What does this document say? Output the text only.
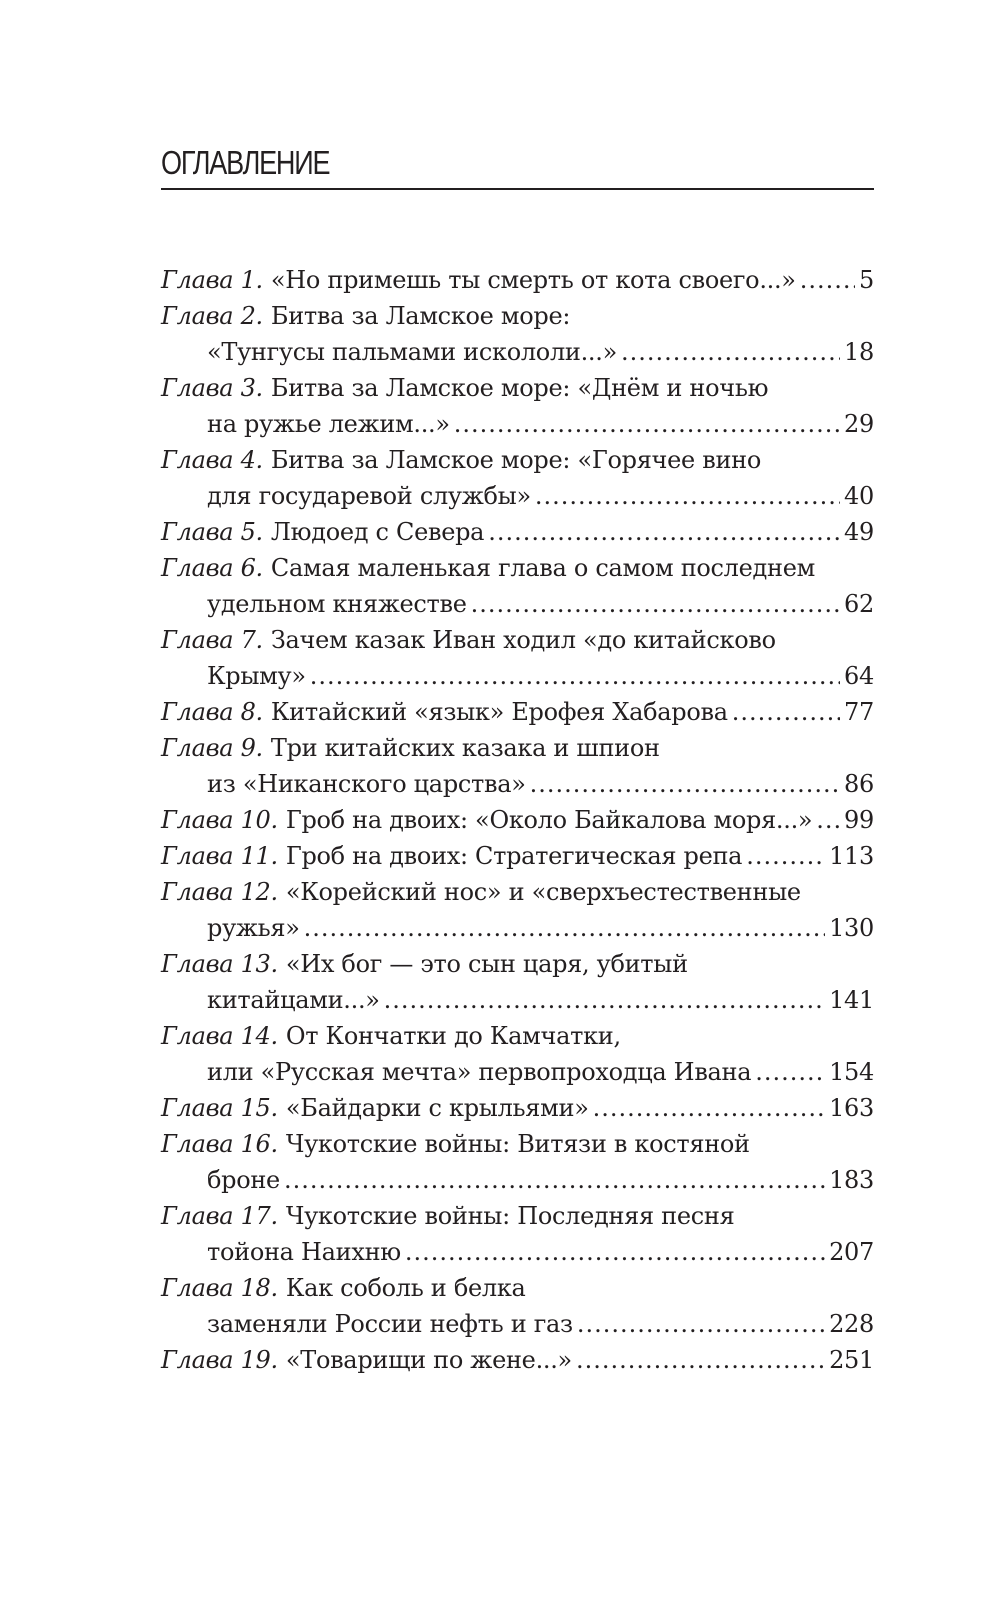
ОГЛАВЛЕНИЕ
Глава 1. «Но примешь ты смерть от кота своего...» .....	5
Глава 2. Битва за Ламское море:
«Тунгусы пальмами искололи...» .....	18
Глава 3. Битва за Ламское море: «Днём и ночью
на ружье лежим...» .....	29
Глава 4. Битва за Ламское море: «Горячее вино
для государевой службы» .....	40
Глава 5. Людоед с Севера .....	49
Глава 6. Самая маленькая глава о самом последнем
удельном княжестве .....	62
Глава 7. Зачем казак Иван ходил «до китайсково
Крыму» .....	64
Глава 8. Китайский «язык» Ерофея Хабарова .....	77
Глава 9. Три китайских казака и шпион
из «Никанского царства» .....	86
Глава 10. Гроб на двоих: «Около Байкалова моря...» ..... 99
Глава 11. Гроб на двоих: Стратегическая репа .....	113
Глава 12. «Корейский нос» и «сверхъестественные
ружья» .....	130
Глава 13. «Их бог — это сын царя, убитый
китайцами...» .....	141
Глава 14. От Кончатки до Камчатки,
или «Русская мечта» первопроходца Ивана .....	154
Глава 15. «Байдарки с крыльями» .....	163
Глава 16. Чукотские войны: Витязи в костяной
броне .....	183
Глава 17. Чукотские войны: Последняя песня
тойона Наихню .....	207
Глава 18. Как соболь и белка
заменяли России нефть и газ .....	228
Глава 19. «Товарищи по жене...» .....	251
